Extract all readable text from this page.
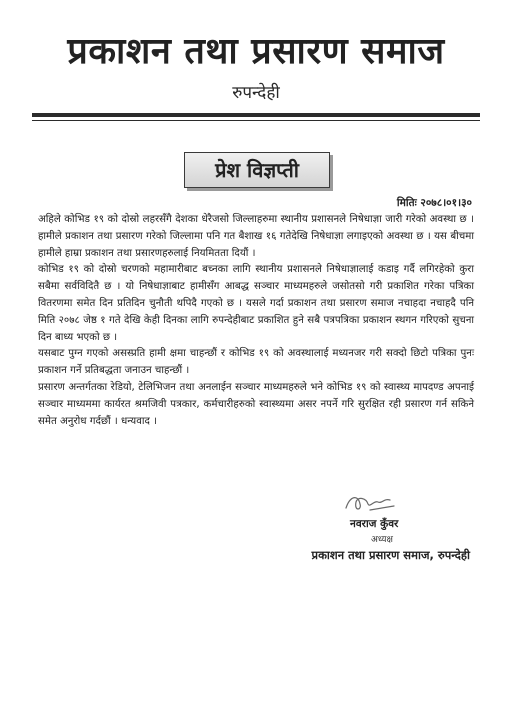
प्रकाशन तथा प्रसारण समाज
रुपन्देही
प्रेश विज्ञप्ती
मितिः २०७८।०१।३०

अहिले कोभिड १९ को दोस्रो लहरसँगै देशका धेरैजसो जिल्लाहरुमा स्थानीय प्रशासनले निषेधाज्ञा जारी गरेको अवस्था छ । हामीले प्रकाशन तथा प्रसारण गरेको जिल्लामा पनि गत बैशाख १६ गतेदेखि निषेधाज्ञा लगाइएको अवस्था छ । यस बीचमा हामीले हाम्रा प्रकाशन तथा प्रसारणहरुलाई नियमितता दियौं ।

कोभिड १९ को दोस्रो चरणको महामारीबाट बच्नका लागि स्थानीय प्रशासनले निषेधाज्ञालाई कडाइ गर्दै लगिरहेको कुरा सबैमा सर्वविदितै छ । यो निषेधाज्ञाबाट हामीसँग आबद्ध सञ्चार माध्यमहरुले जसोतसो गरी प्रकाशित गरेका पत्रिका वितरणमा समेत दिन प्रतिदिन चुनौती थपिदै गएको छ । यसले गर्दा प्रकाशन तथा प्रसारण समाज नचाहदा नचाहदै पनि मिति २०७८ जेष्ठ १ गते देखि केही दिनका लागि रुपन्देहीबाट प्रकाशित हुने सबै पत्रपत्रिका प्रकाशन स्थगन गरिएको सुचना दिन बाध्य भएको छ ।

यसबाट पुग्न गएको असस्प्रति हामी क्षमा चाहन्छौं र कोभिड १९ को अवस्थालाई मध्यनजर गरी सक्दो छिटो पत्रिका पुनः प्रकाशन गर्ने प्रतिबद्धता जनाउन चाहन्छौं ।

प्रसारण अन्तर्गतका रेडियो, टेलिभिजन तथा अनलाईन सञ्चार माध्यमहरुले भने कोभिड १९ को स्वास्थ्य मापदण्ड अपनाई सञ्चार माध्यममा कार्यरत श्रमजिवी पत्रकार, कर्मचारीहरुको स्वास्थ्यमा असर नपर्ने गरि सुरक्षित रही प्रसारण गर्न सकिने समेत अनुरोध गर्दछौं । धन्यवाद ।

नवराज कुँवर
अध्यक्ष
प्रकाशन तथा प्रसारण समाज, रुपन्देही
